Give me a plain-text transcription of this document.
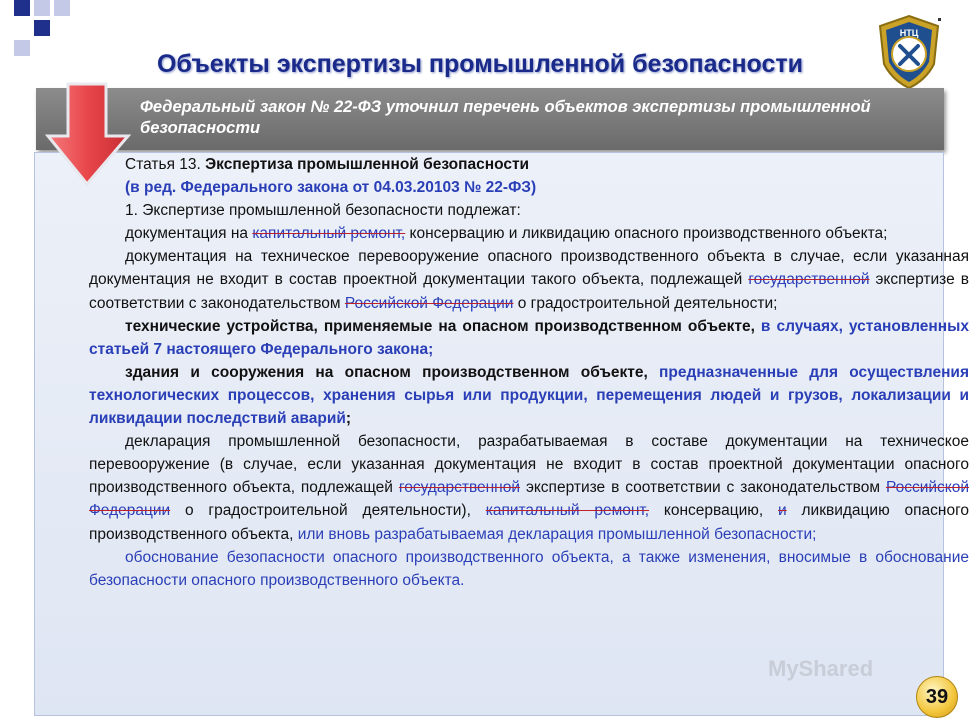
Объекты экспертизы промышленной безопасности
НТЦ
Федеральный закон № 22-ФЗ уточнил перечень объектов экспертизы промышленной безопасности

Статья 13. Экспертиза промышленной безопасности

(в ред. Федерального закона от 04.03.20103 № 22-ФЗ)

1. Экспертизе промышленной безопасности подлежат:

документация на капитальный ремонт, консервацию и ликвидацию опасного производственного объекта;

документация на техническое перевооружение опасного производственного объекта в случае, если указанная документация не входит в состав проектной документации такого объекта, подлежащей государственной экспертизе в соответствии с законодательством Российской Федерации о градостроительной деятельности;

технические устройства, применяемые на опасном производственном объекте, в случаях, установленных статьей 7 настоящего Федерального закона;

здания и сооружения на опасном производственном объекте, предназначенные для осуществления технологических процессов, хранения сырья или продукции, перемещения людей и грузов, локализации и ликвидации последствий аварий;

декларация промышленной безопасности, разрабатываемая в составе документации на техническое перевооружение (в случае, если указанная документация не входит в состав проектной документации опасного производственного объекта, подлежащей государственной экспертизе в соответствии с законодательством Российской Федерации о градостроительной деятельности), капитальный ремонт, консервацию, и ликвидацию опасного производственного объекта, или вновь разрабатываемая декларация промышленной безопасности;

обоснование безопасности опасного производственного объекта, а также изменения, вносимые в обоснование безопасности опасного производственного объекта.

MyShared
39
